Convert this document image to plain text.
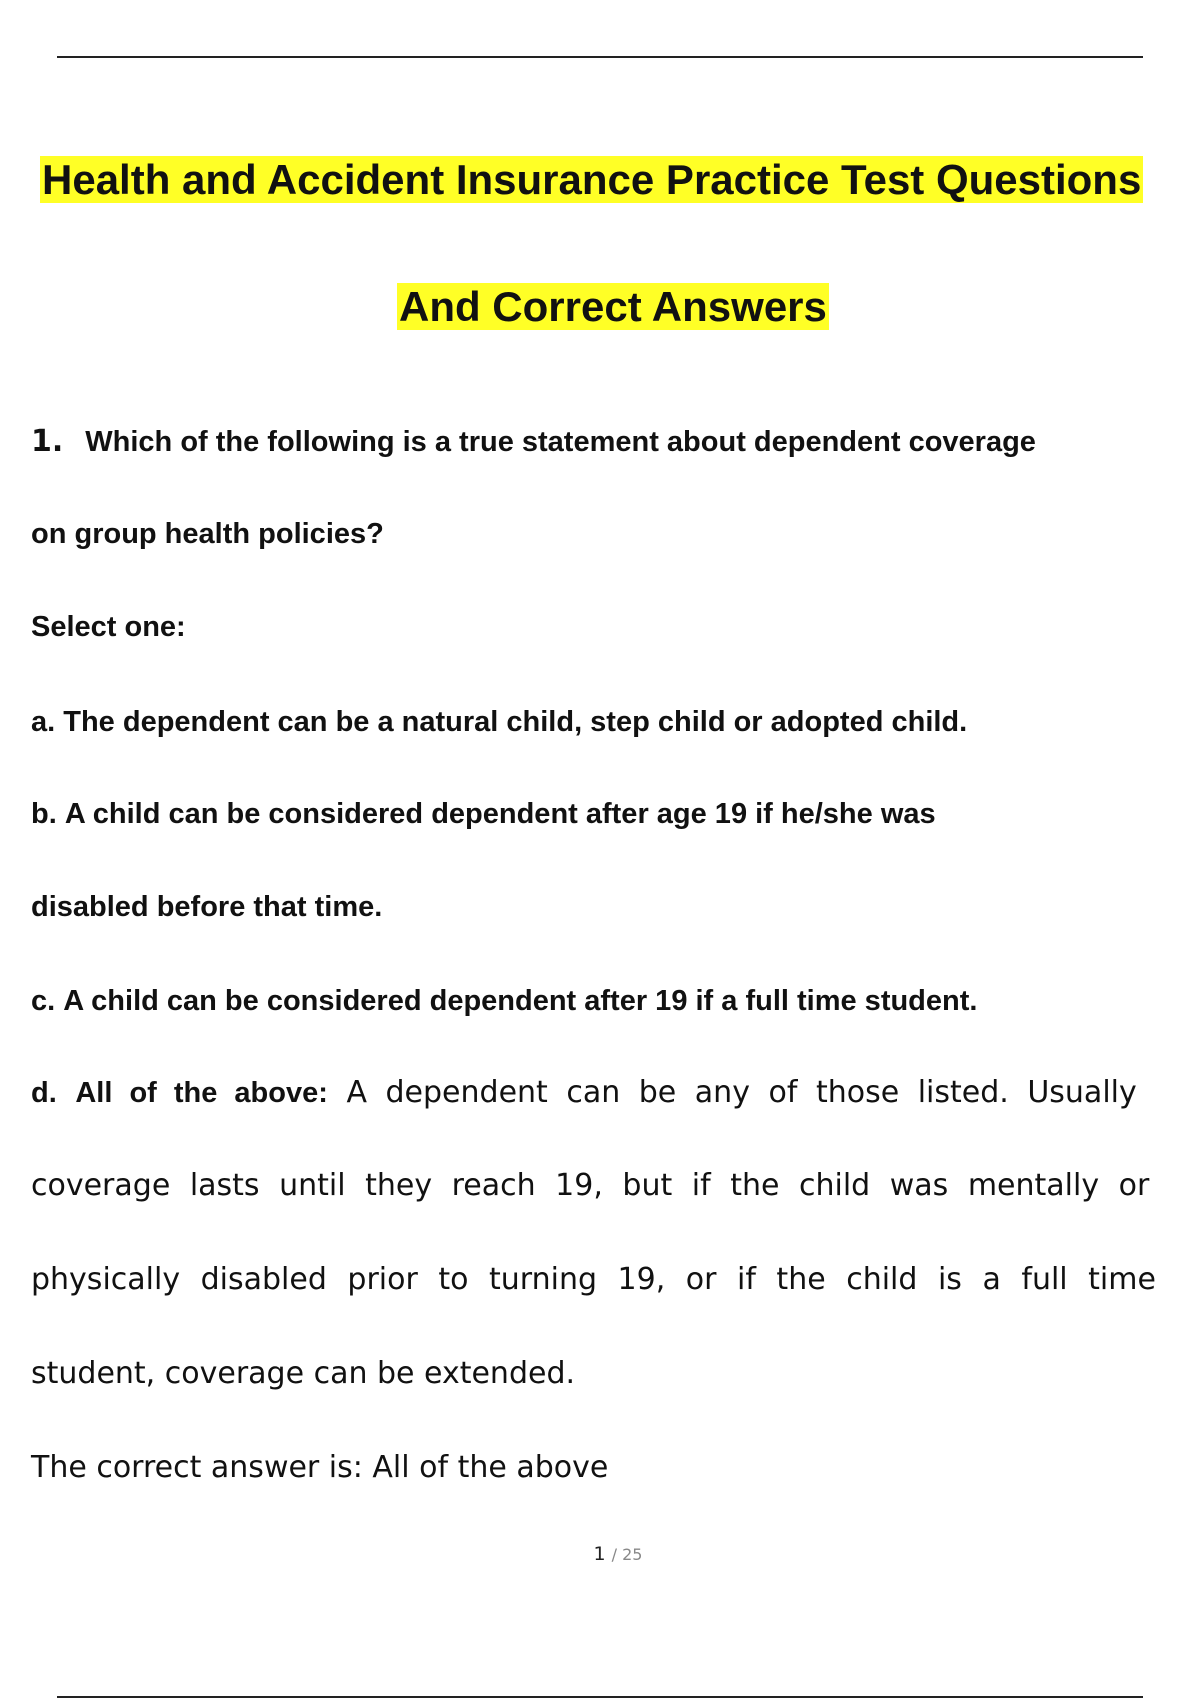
Health and Accident Insurance Practice Test Questions
And Correct Answers
1. Which of the following is a true statement about dependent coverage
on group health policies?
Select one:
a. The dependent can be a natural child, step child or adopted child.
b. A child can be considered dependent after age 19 if he/she was
disabled before that time.
c. A child can be considered dependent after 19 if a full time student.
d. All of the above: A dependent can be any of those listed. Usually
coverage lasts until they reach 19, but if the child was mentally or
physically disabled prior to turning 19, or if the child is a full time
student, coverage can be extended.
The correct answer is: All of the above
1 / 25
